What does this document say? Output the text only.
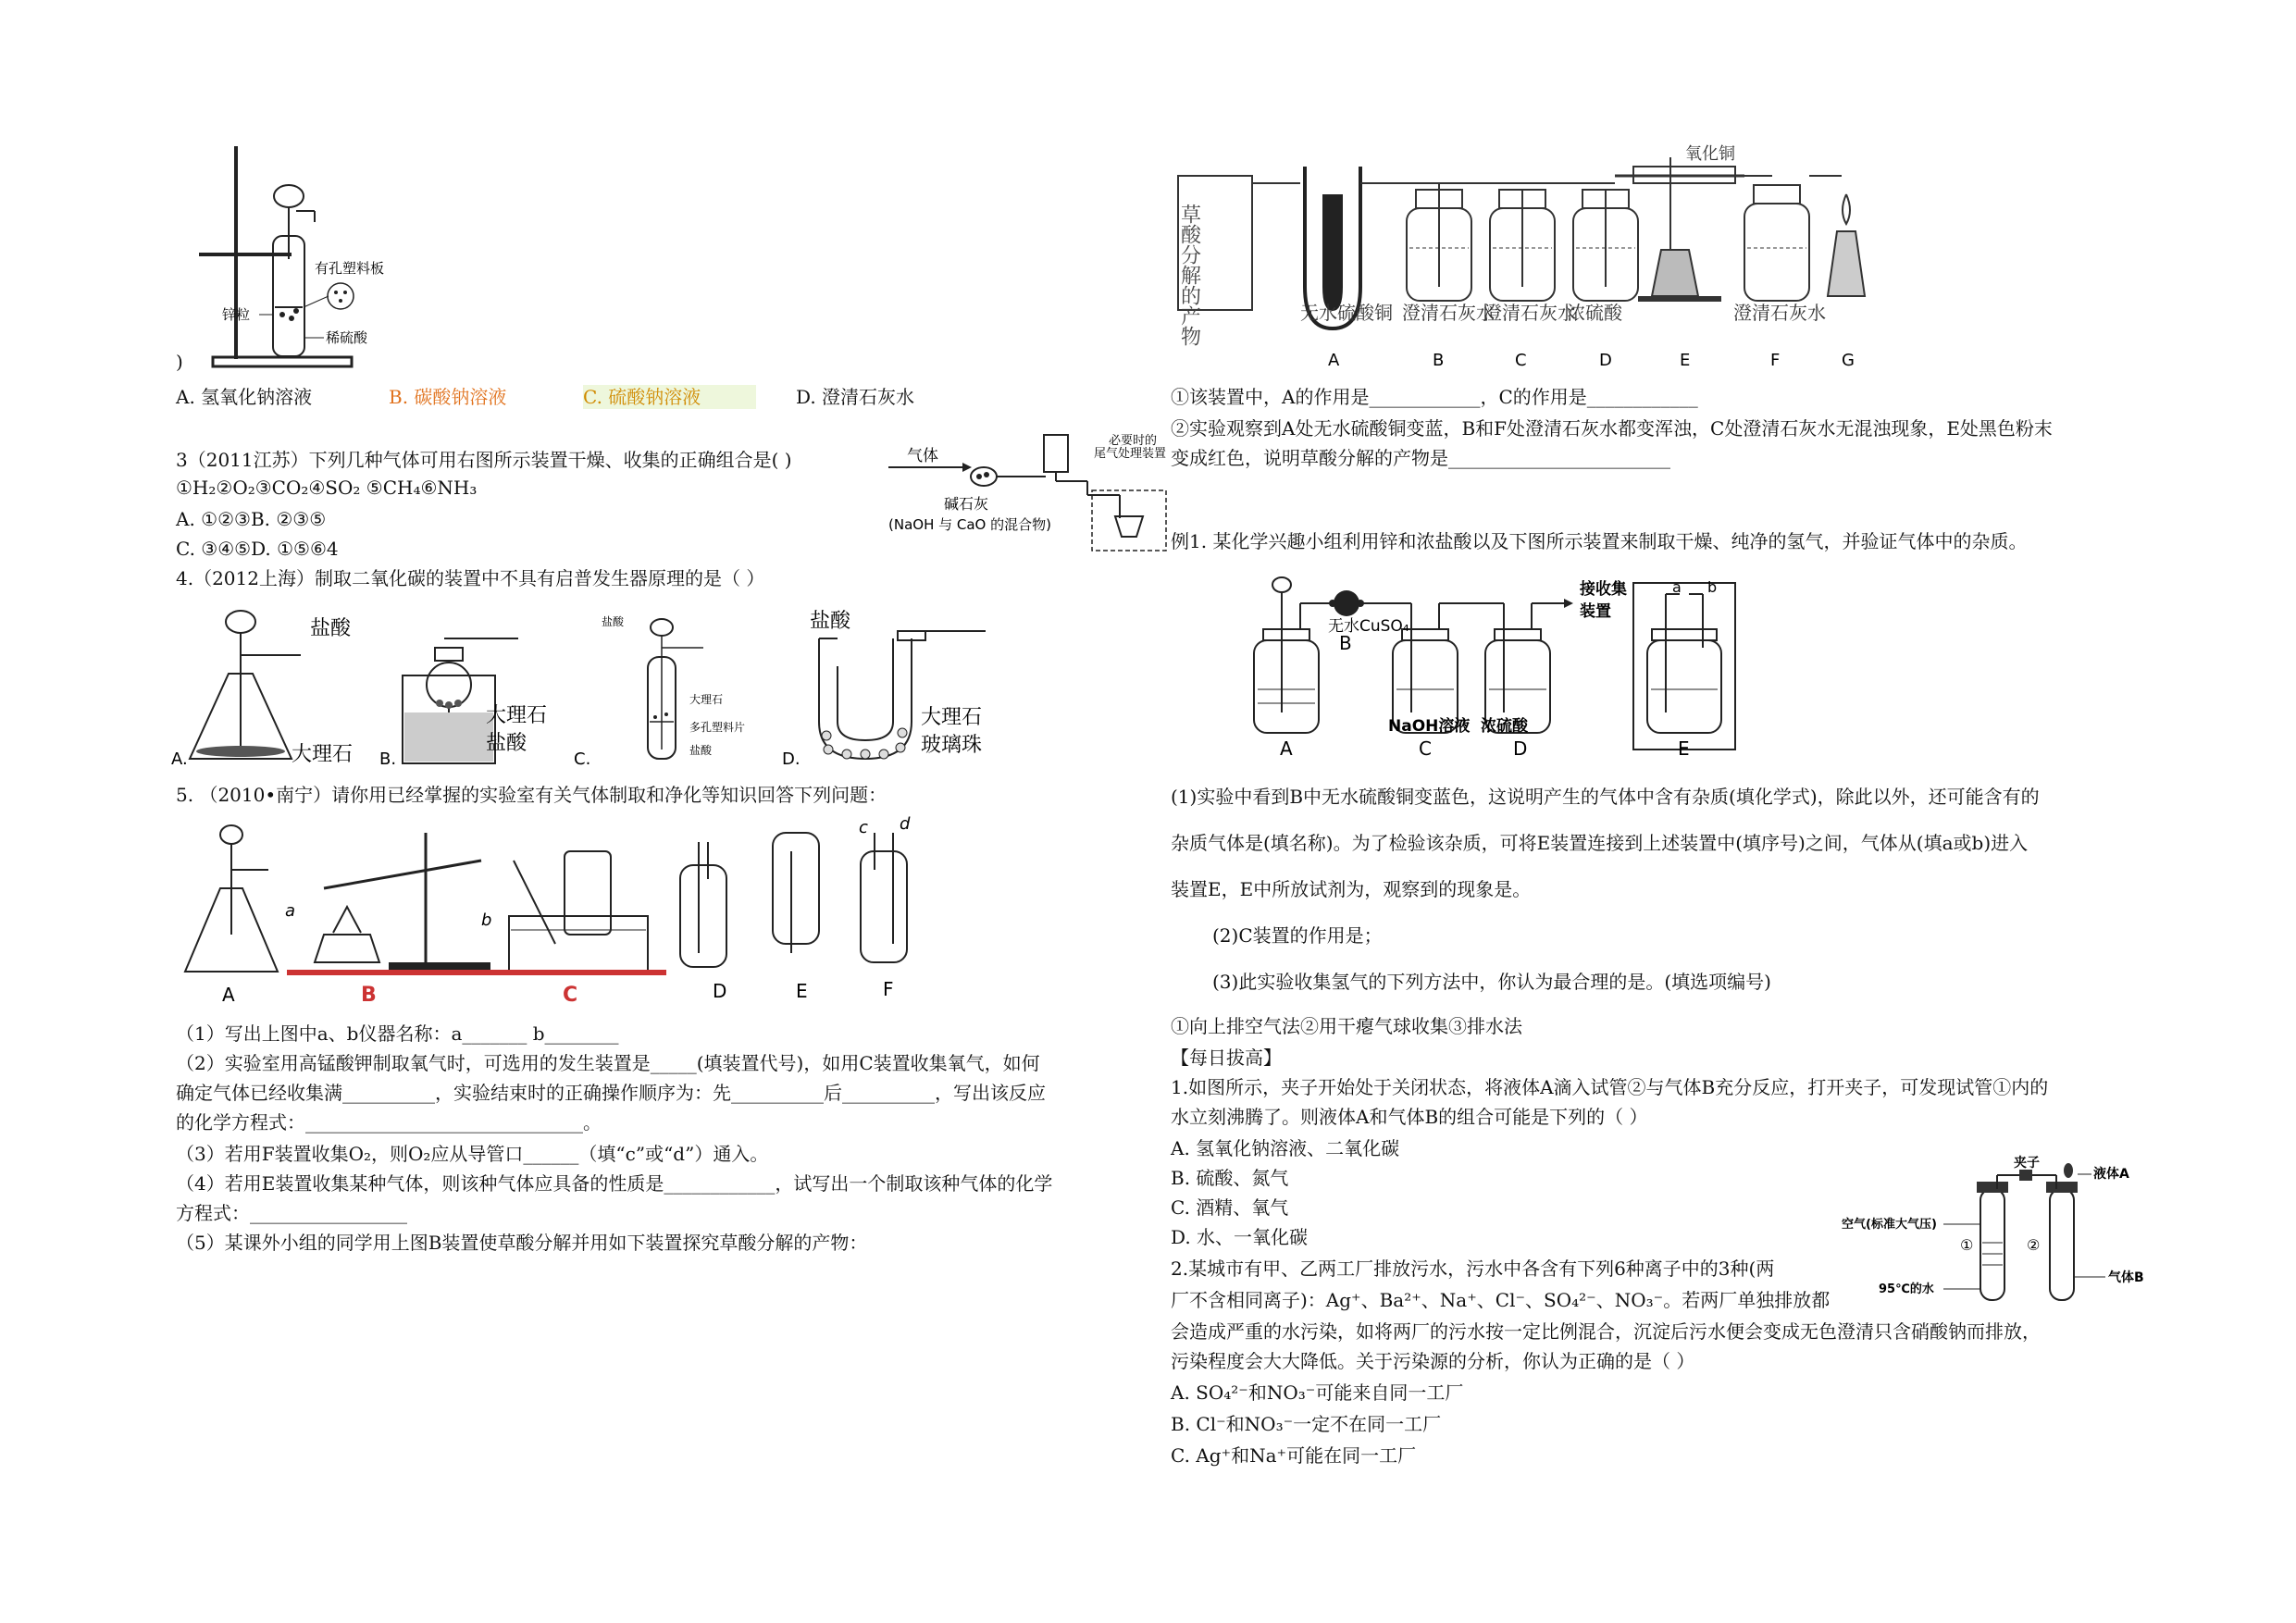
有孔塑料板
锌粒
稀硫酸
)
A. 氢氧化钠溶液	B. 碳酸钠溶液	C. 硫酸钠溶液	D. 澄清石灰水
3（2011江苏）下列几种气体可用右图所示装置干燥、收集的正确组合是( )
①H₂②O₂③CO₂④SO₂ ⑤CH₄⑥NH₃
A. ①②③B. ②③⑤
C. ③④⑤D. ①⑤⑥4
气体
碱石灰
(NaOH 与 CaO 的混合物)
必要时的
尾气处理装置
4.（2012上海）制取二氧化碳的装置中不具有启普发生器原理的是（ ）
盐酸
大理石
A.
大理石
盐酸
B.
盐酸
大理石
多孔塑料片
盐酸
C.
盐酸
大理石
玻璃珠
D.
5. （2010•南宁）请你用已经掌握的实验室有关气体制取和净化等知识回答下列问题：
a	b
c d
A	B	C	D	E	F
（1）写出上图中a、b仪器名称：a_______ b________
（2）实验室用高锰酸钾制取氧气时，可选用的发生装置是_____(填装置代号)，如用C装置收集氧气，如何
确定气体已经收集满__________，实验结束时的正确操作顺序为：先__________后__________，写出该反应
的化学方程式：______________________________。
（3）若用F装置收集O₂，则O₂应从导管口______（填“c”或“d”）通入。
（4）若用E装置收集某种气体，则该种气体应具备的性质是____________，试写出一个制取该种气体的化学
方程式：_________________
（5）某课外小组的同学用上图B装置使草酸分解并用如下装置探究草酸分解的产物：
草酸分解的产物
氧化铜
无水硫酸铜 澄清石灰水
澄清石灰水
浓硫酸	澄清石灰水
A	B	C	D	E	F	G
①该装置中，A的作用是____________，C的作用是____________
②实验观察到A处无水硫酸铜变蓝，B和F处澄清石灰水都变浑浊，C处澄清石灰水无混浊现象，E处黑色粉末
变成红色，说明草酸分解的产物是________________________
例1. 某化学兴趣小组利用锌和浓盐酸以及下图所示装置来制取干燥、纯净的氢气，并验证气体中的杂质。
无水CuSO₄
NaOH溶液 浓硫酸
接收集
装置
a b
A
B
C	D	E
(1)实验中看到B中无水硫酸铜变蓝色，这说明产生的气体中含有杂质(填化学式)，除此以外，还可能含有的
杂质气体是(填名称)。为了检验该杂质，可将E装置连接到上述装置中(填序号)之间，气体从(填a或b)进入
装置E，E中所放试剂为，观察到的现象是。
(2)C装置的作用是；
(3)此实验收集氢气的下列方法中，你认为最合理的是。(填选项编号)
①向上排空气法②用干瘪气球收集③排水法
【每日拔高】
1.如图所示，夹子开始处于关闭状态，将液体A滴入试管②与气体B充分反应，打开夹子，可发现试管①内的
水立刻沸腾了。则液体A和气体B的组合可能是下列的（ ）
A. 氢氧化钠溶液、二氧化碳
B. 硫酸、氮气
C. 酒精、氧气
D. 水、一氧化碳
夹子
液体A
空气(标准大气压)
95℃的水
气体B
①	②
2.某城市有甲、乙两工厂排放污水，污水中各含有下列6种离子中的3种(两
厂不含相同离子)：Ag⁺、Ba²⁺、Na⁺、Cl⁻、SO₄²⁻、NO₃⁻。若两厂单独排放都
会造成严重的水污染，如将两厂的污水按一定比例混合，沉淀后污水便会变成无色澄清只含硝酸钠而排放，
污染程度会大大降低。关于污染源的分析，你认为正确的是（ ）
A. SO₄²⁻和NO₃⁻可能来自同一工厂
B. Cl⁻和NO₃⁻一定不在同一工厂
C. Ag⁺和Na⁺可能在同一工厂
